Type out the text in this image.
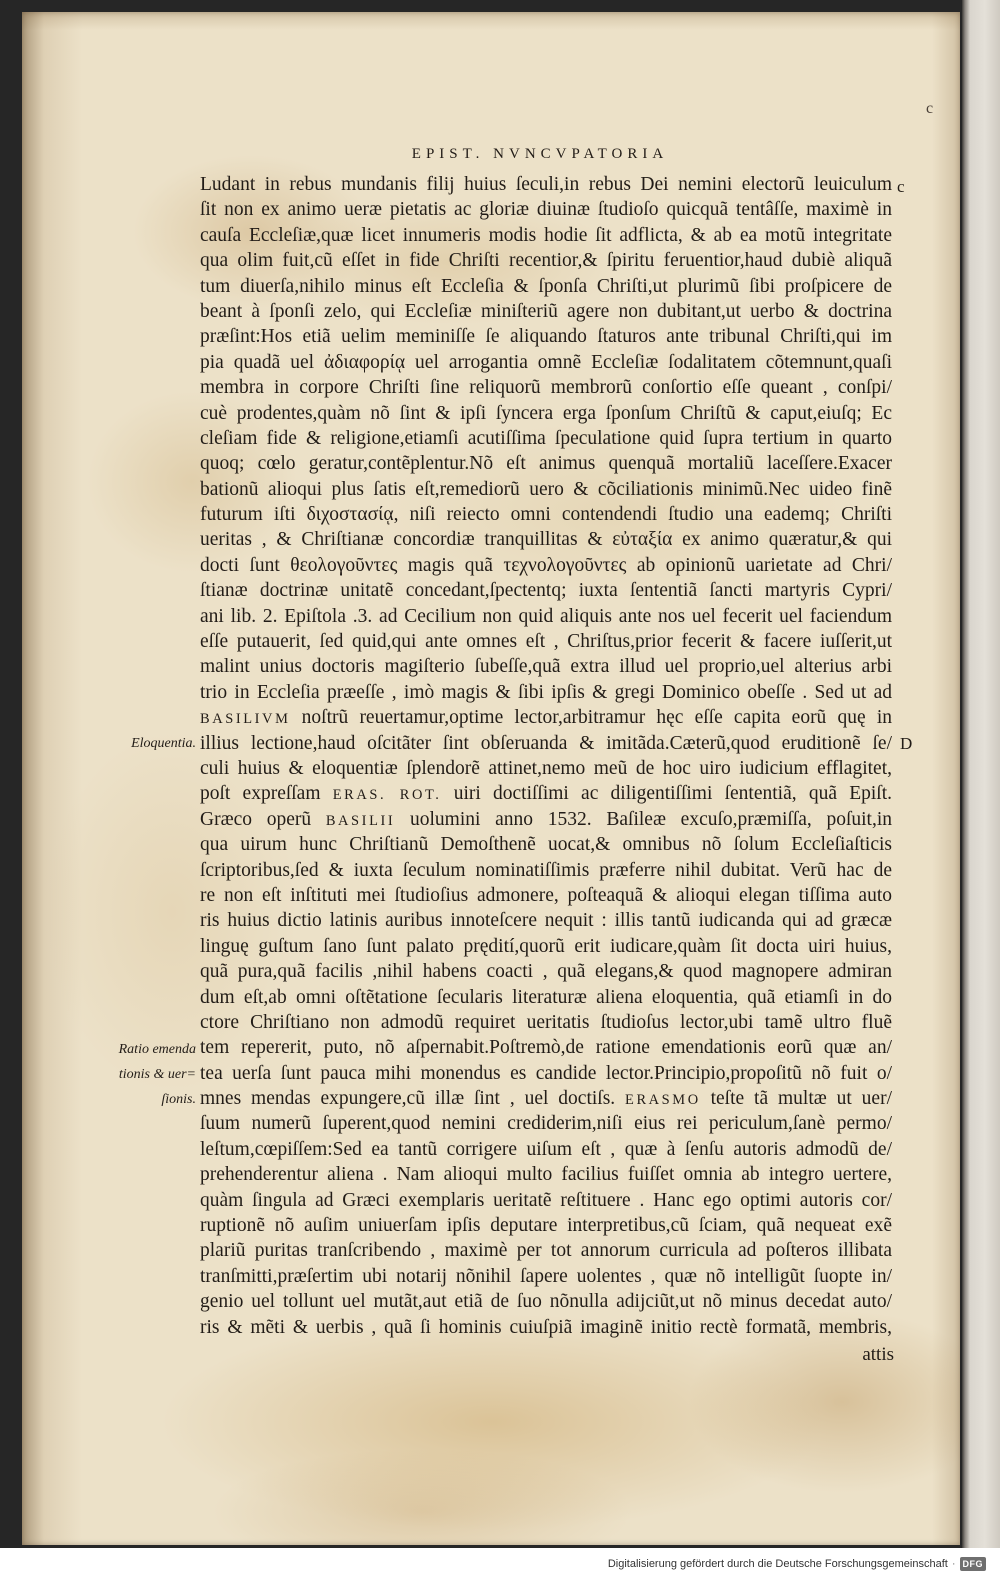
c
EPIST. NVNCVPATORIA
Ludant in rebus mundanis filij huius ſeculi,in rebus Dei nemini electorũ leuiculum
ſit non ex animo ueræ pietatis ac gloriæ diuinæ ſtudioſo quicquã tentâſſe, maximè in
cauſa Eccleſiæ,quæ licet innumeris modis hodie ſit adflicta, & ab ea motũ integritate
qua olim fuit,cũ eſſet in fide Chriſti recentior,& ſpiritu feruentior,haud dubiè aliquã
tum diuerſa,nihilo minus eſt Eccleſia & ſponſa Chriſti,ut plurimũ ſibi proſpicere de
beant à ſponſi zelo, qui Eccleſiæ miniſteriũ agere non dubitant,ut uerbo & doctrina
præſint:Hos etiã uelim meminiſſe ſe aliquando ſtaturos ante tribunal Chriſti,qui im
pia quadã uel ἀδιαφορίᾳ uel arrogantia omnẽ Eccleſiæ ſodalitatem cõtemnunt,quaſi
membra in corpore Chriſti ſine reliquorũ membrorũ conſortio eſſe queant , conſpi/
cuè prodentes,quàm nõ ſint & ipſi ſyncera erga ſponſum Chriſtũ & caput,eiuſq; Ec
cleſiam fide & religione,etiamſi acutiſſima ſpeculatione quid ſupra tertium in quarto
quoq; cœlo geratur,contẽplentur.Nõ eſt animus quenquã mortaliũ laceſſere.Exacer
bationũ alioqui plus ſatis eſt,remediorũ uero & cõciliationis minimũ.Nec uideo finẽ
futurum iſti διχοστασίᾳ, niſi reiecto omni contendendi ſtudio una eademq; Chriſti
ueritas , & Chriſtianæ concordiæ tranquillitas & εὐταξία ex animo quæratur,& qui
docti ſunt θεολογοῦντες magis quã τεχνολογοῦντες ab opinionũ uarietate ad Chri/
ſtianæ doctrinæ unitatẽ concedant,ſpectentq; iuxta ſententiã ſancti martyris Cypri/
ani lib. 2. Epiſtola .3. ad Cecilium non quid aliquis ante nos uel fecerit uel faciendum
eſſe putauerit, ſed quid,qui ante omnes eſt , Chriſtus,prior fecerit & facere iuſſerit,ut
malint unius doctoris magiſterio ſubeſſe,quã extra illud uel proprio,uel alterius arbi
trio in Eccleſia præeſſe , imò magis & ſibi ipſis & gregi Dominico obeſſe . Sed ut ad
BASILIVM noſtrũ reuertamur,optime lector,arbitramur hęc eſſe capita eorũ quę in
illius lectione,haud oſcitãter ſint obſeruanda & imitãda.Cæterũ,quod eruditionẽ ſe/
culi huius & eloquentiæ ſplendorẽ attinet,nemo meũ de hoc uiro iudicium efflagitet,
poſt expreſſam ERAS. ROT. uiri doctiſſimi ac diligentiſſimi ſententiã, quã Epiſt.
Græco operũ BASILII uolumini anno 1532. Baſileæ excuſo,præmiſſa, poſuit,in
qua uirum hunc Chriſtianũ Demoſthenẽ uocat,& omnibus nõ ſolum Eccleſiaſticis
ſcriptoribus,ſed & iuxta ſeculum nominatiſſimis præferre nihil dubitat. Verũ hac de
re non eſt inſtituti mei ſtudioſius admonere, poſteaquã & alioqui elegan tiſſima auto
ris huius dictio latinis auribus innoteſcere nequit : illis tantũ iudicanda qui ad græcæ
linguę guſtum ſano ſunt palato prędití,quorũ erit iudicare,quàm ſit docta uiri huius,
quã pura,quã facilis ,nihil habens coacti , quã elegans,& quod magnopere admiran
dum eſt,ab omni oſtẽtatione ſecularis literaturæ aliena eloquentia, quã etiamſi in do
ctore Chriſtiano non admodũ requiret ueritatis ſtudioſus lector,ubi tamẽ ultro fluẽ
tem repererit, puto, nõ aſpernabit.Poſtremò,de ratione emendationis eorũ quæ an/
tea uerſa ſunt pauca mihi monendus es candide lector.Principio,propoſitũ nõ fuit o/
mnes mendas expungere,cũ illæ ſint , uel doctiſs. ERASMO teſte tã multæ ut uer/
ſuum numerũ ſuperent,quod nemini crediderim,niſi eius rei periculum,ſanè permo/
leſtum,cœpiſſem:Sed ea tantũ corrigere uiſum eſt , quæ à ſenſu autoris admodũ de/
prehenderentur aliena . Nam alioqui multo facilius fuiſſet omnia ab integro uertere,
quàm ſingula ad Græci exemplaris ueritatẽ reſtituere . Hanc ego optimi autoris cor/
ruptionẽ nõ auſim uniuerſam ipſis deputare interpretibus,cũ ſciam, quã nequeat exẽ
plariũ puritas tranſcribendo , maximè per tot annorum curricula ad poſteros illibata
tranſmitti,præſertim ubi notarij nõnihil ſapere uolentes , quæ nõ intelligũt ſuopte in/
genio uel tollunt uel mutãt,aut etiã de ſuo nõnulla adijciũt,ut nõ minus decedat auto/
ris & mẽti & uerbis , quã ſi hominis cuiuſpiã imaginẽ initio rectè formatã, membris,
attis
Eloquentia.
Ratio emenda
tionis & uer=
ſionis.
c
D
Digitalisierung gefördert durch die Deutsche Forschungsgemeinschaft · DFG
